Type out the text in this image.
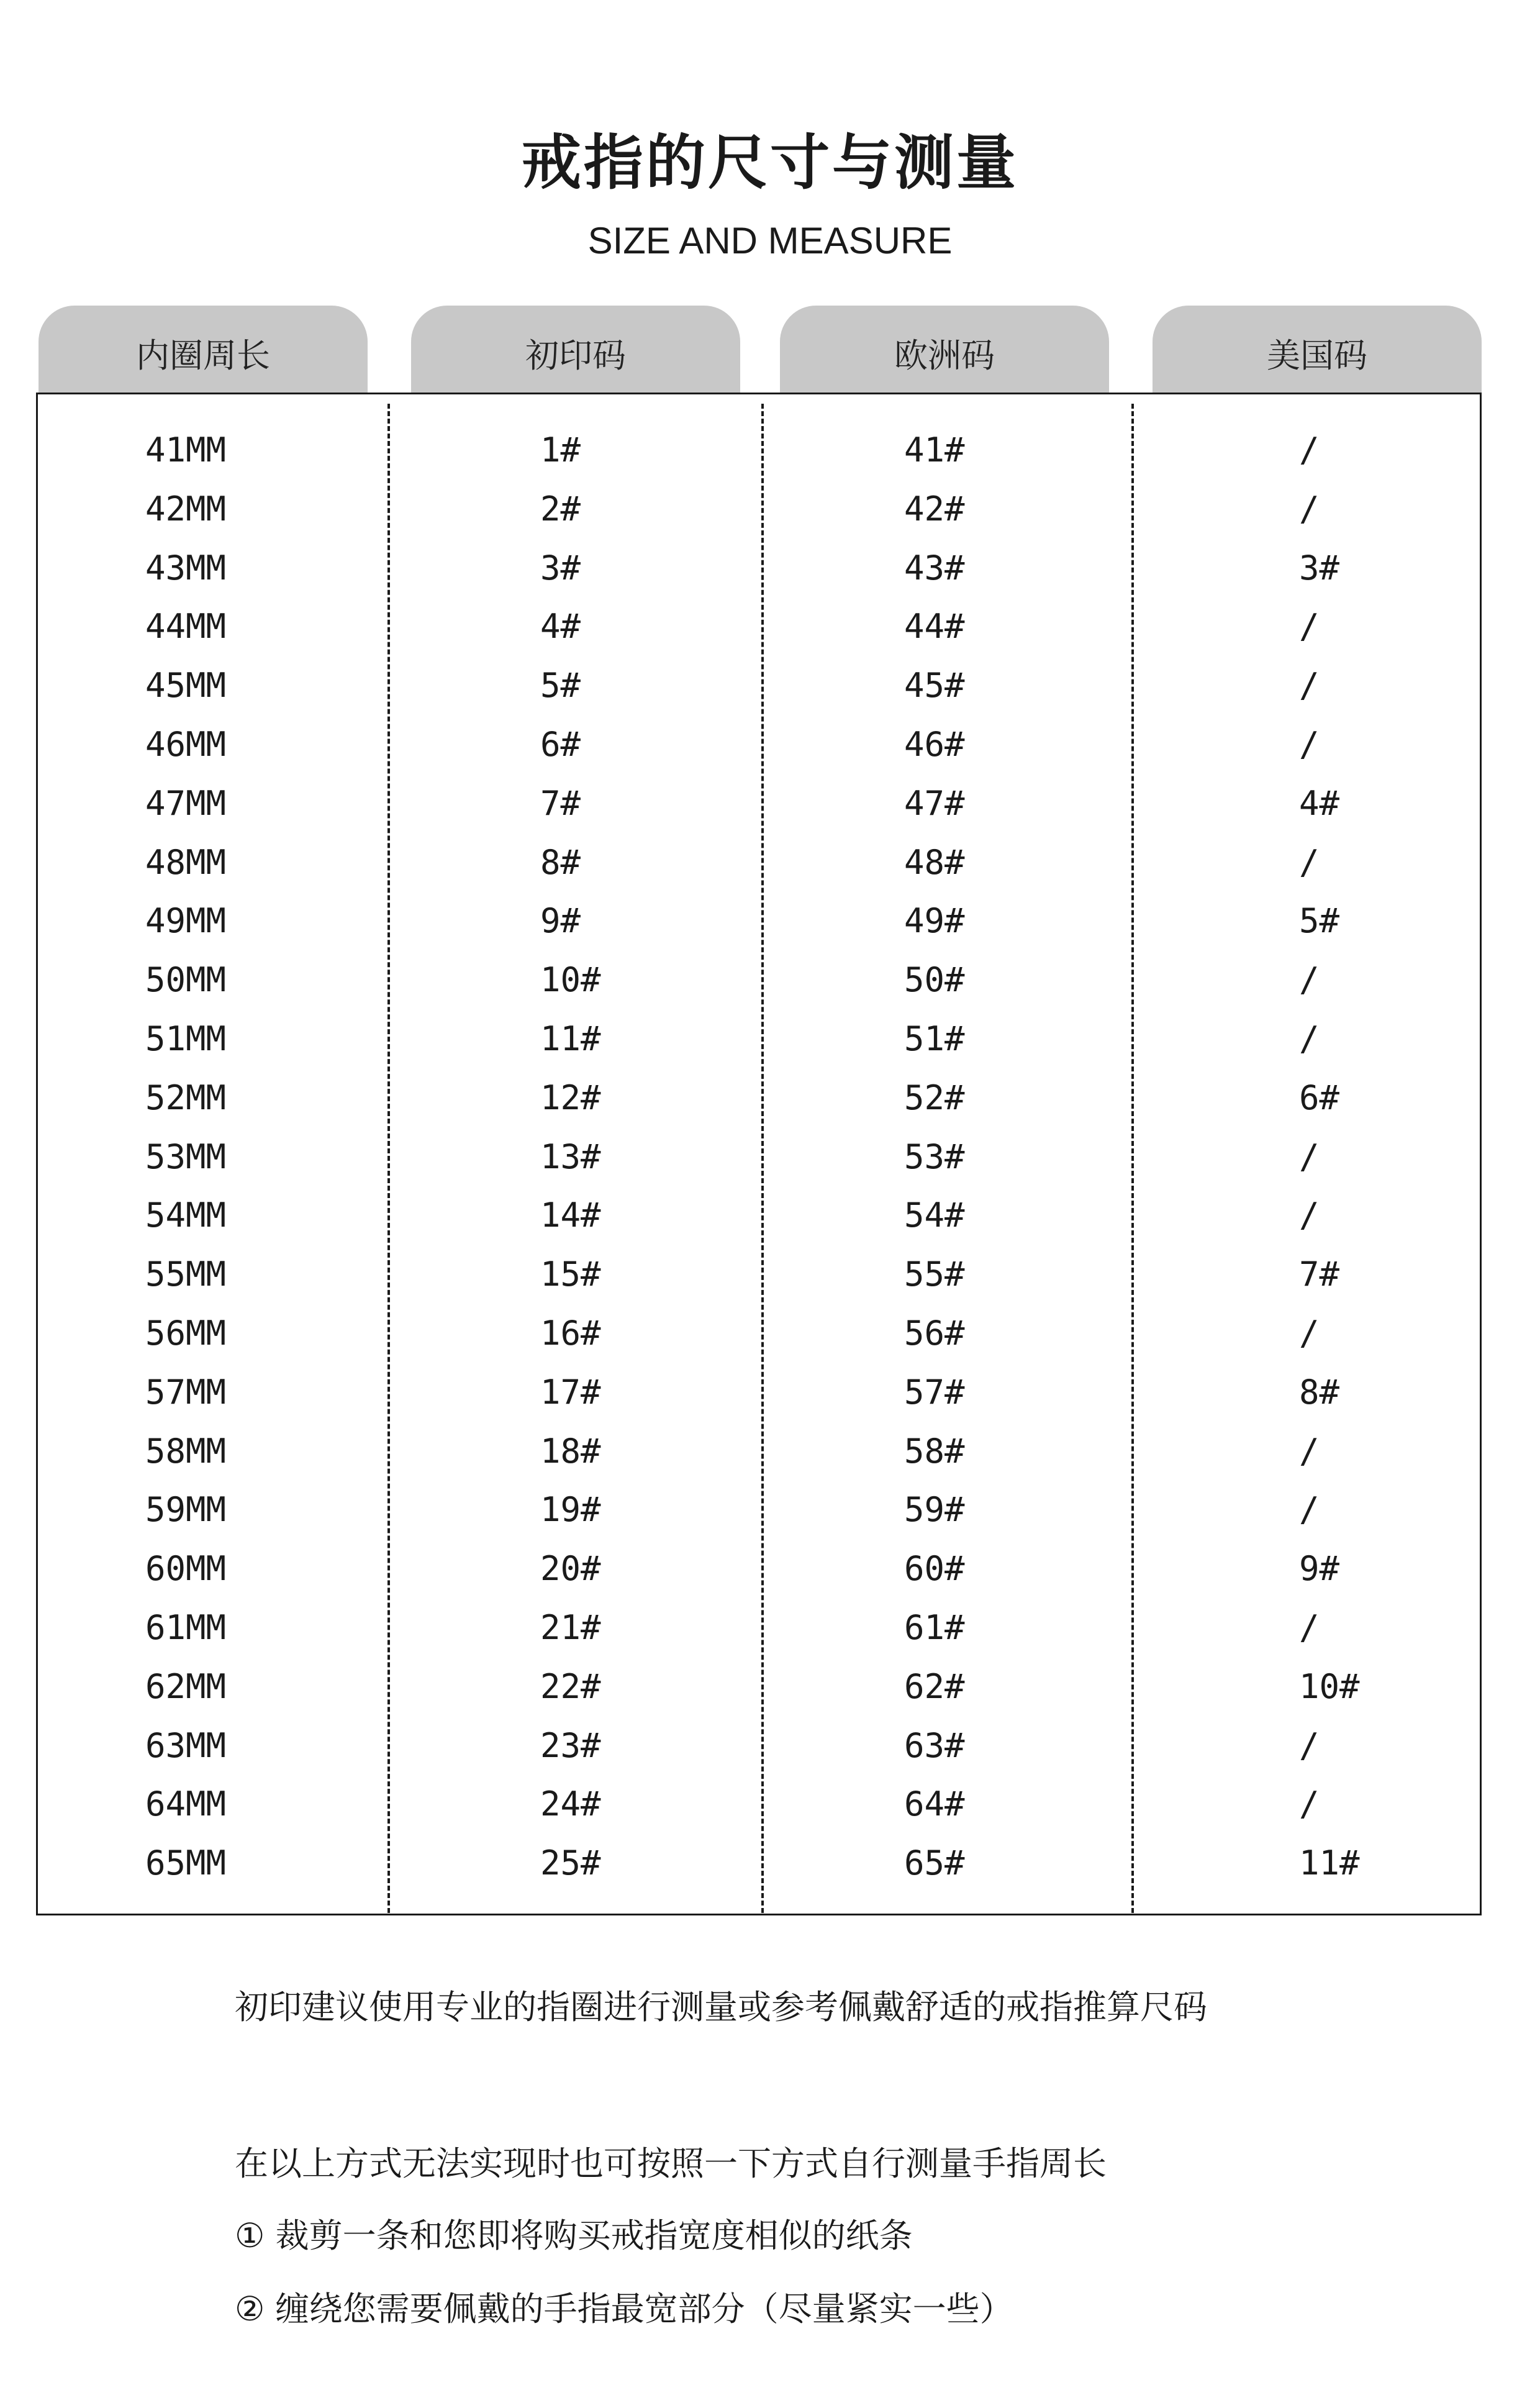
戒指的尺寸与测量
SIZE AND MEASURE
内圈周长	初印码	欧洲码	美国码
41MM	1#	41#	/
42MM	2#	42#	/
43MM	3#	43#	3#
44MM	4#	44#	/
45MM	5#	45#	/
46MM	6#	46#	/
47MM	7#	47#	4#
48MM	8#	48#	/
49MM	9#	49#	5#
50MM	10#	50#	/
51MM	11#	51#	/
52MM	12#	52#	6#
53MM	13#	53#	/
54MM	14#	54#	/
55MM	15#	55#	7#
56MM	16#	56#	/
57MM	17#	57#	8#
58MM	18#	58#	/
59MM	19#	59#	/
60MM	20#	60#	9#
61MM	21#	61#	/
62MM	22#	62#	10#
63MM	23#	63#	/
64MM	24#	64#	/
65MM	25#	65#	11#
初印建议使用专业的指圈进行测量或参考佩戴舒适的戒指推算尺码
在以上方式无法实现时也可按照一下方式自行测量手指周长
① 裁剪一条和您即将购买戒指宽度相似的纸条
② 缠绕您需要佩戴的手指最宽部分（尽量紧实一些）
